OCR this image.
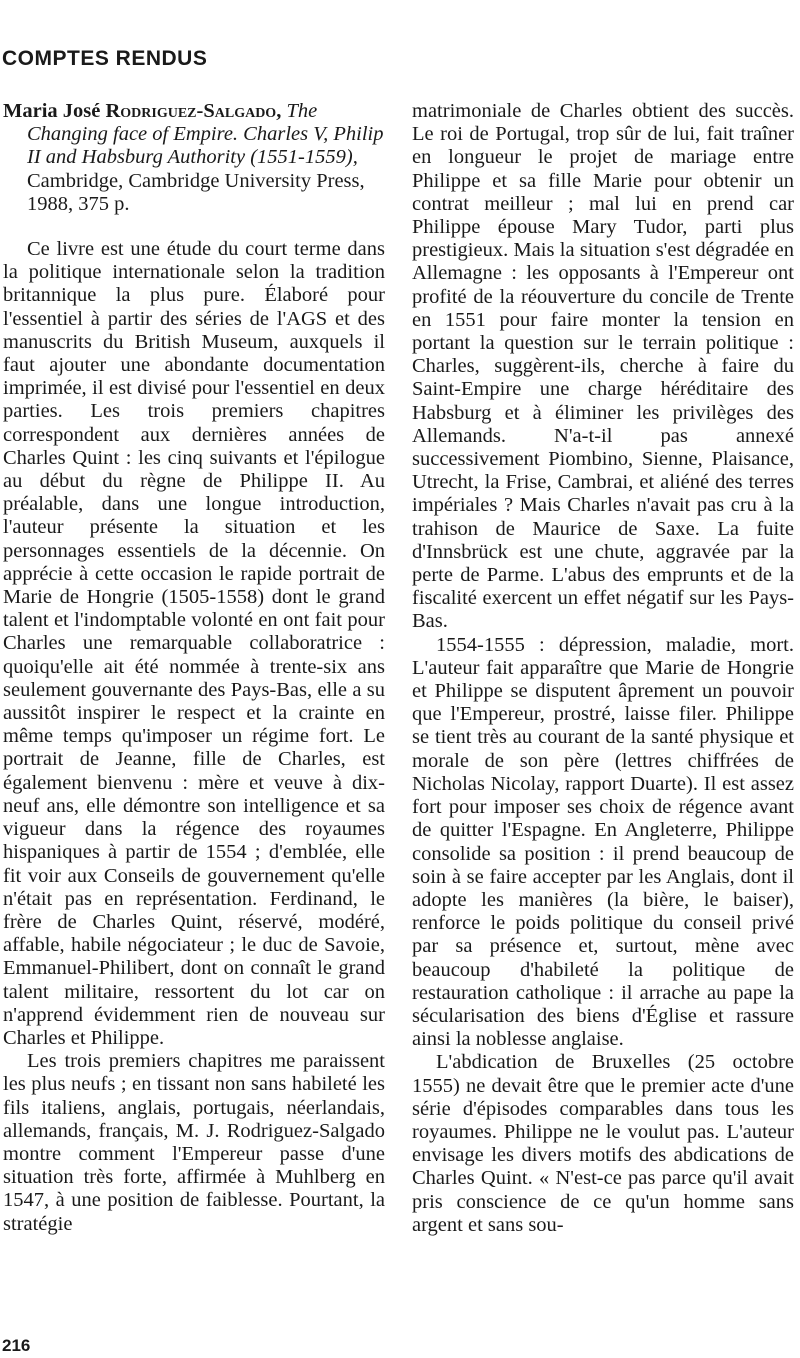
COMPTES RENDUS

Maria José Rodriguez-Salgado, The Changing face of Empire. Charles V, Philip II and Habsburg Authority (1551-1559), Cambridge, Cambridge University Press, 1988, 375 p.

Ce livre est une étude du court terme dans la politique internationale selon la tradition britannique la plus pure. Élaboré pour l'essentiel à partir des séries de l'AGS et des manuscrits du British Museum, auxquels il faut ajouter une abondante documentation imprimée, il est divisé pour l'essentiel en deux parties. Les trois premiers chapitres correspondent aux dernières années de Charles Quint : les cinq suivants et l'épilogue au début du règne de Philippe II. Au préalable, dans une longue introduction, l'auteur présente la situation et les personnages essentiels de la décennie. On apprécie à cette occasion le rapide portrait de Marie de Hongrie (1505-1558) dont le grand talent et l'indomptable volonté en ont fait pour Charles une remarquable collaboratrice : quoiqu'elle ait été nommée à trente-six ans seulement gouvernante des Pays-Bas, elle a su aussitôt inspirer le respect et la crainte en même temps qu'imposer un régime fort. Le portrait de Jeanne, fille de Charles, est également bienvenu : mère et veuve à dix-neuf ans, elle démontre son intelligence et sa vigueur dans la régence des royaumes hispaniques à partir de 1554 ; d'emblée, elle fit voir aux Conseils de gouvernement qu'elle n'était pas en représentation. Ferdinand, le frère de Charles Quint, réservé, modéré, affable, habile négociateur ; le duc de Savoie, Emmanuel-Philibert, dont on connaît le grand talent militaire, ressortent du lot car on n'apprend évidemment rien de nouveau sur Charles et Philippe.

Les trois premiers chapitres me paraissent les plus neufs ; en tissant non sans habileté les fils italiens, anglais, portugais, néerlandais, allemands, français, M. J. Rodriguez-Salgado montre comment l'Empereur passe d'une situation très forte, affirmée à Muhlberg en 1547, à une position de faiblesse. Pourtant, la stratégie

matrimoniale de Charles obtient des succès. Le roi de Portugal, trop sûr de lui, fait traîner en longueur le projet de mariage entre Philippe et sa fille Marie pour obtenir un contrat meilleur ; mal lui en prend car Philippe épouse Mary Tudor, parti plus prestigieux. Mais la situation s'est dégradée en Allemagne : les opposants à l'Empereur ont profité de la réouverture du concile de Trente en 1551 pour faire monter la tension en portant la question sur le terrain politique : Charles, suggèrent-ils, cherche à faire du Saint-Empire une charge héréditaire des Habsburg et à éliminer les privilèges des Allemands. N'a-t-il pas annexé successivement Piombino, Sienne, Plaisance, Utrecht, la Frise, Cambrai, et aliéné des terres impériales ? Mais Charles n'avait pas cru à la trahison de Maurice de Saxe. La fuite d'Innsbrück est une chute, aggravée par la perte de Parme. L'abus des emprunts et de la fiscalité exercent un effet négatif sur les Pays-Bas.

1554-1555 : dépression, maladie, mort. L'auteur fait apparaître que Marie de Hongrie et Philippe se disputent âprement un pouvoir que l'Empereur, prostré, laisse filer. Philippe se tient très au courant de la santé physique et morale de son père (lettres chiffrées de Nicholas Nicolay, rapport Duarte). Il est assez fort pour imposer ses choix de régence avant de quitter l'Espagne. En Angleterre, Philippe consolide sa position : il prend beaucoup de soin à se faire accepter par les Anglais, dont il adopte les manières (la bière, le baiser), renforce le poids politique du conseil privé par sa présence et, surtout, mène avec beaucoup d'habileté la politique de restauration catholique : il arrache au pape la sécularisation des biens d'Église et rassure ainsi la noblesse anglaise.

L'abdication de Bruxelles (25 octobre 1555) ne devait être que le premier acte d'une série d'épisodes comparables dans tous les royaumes. Philippe ne le voulut pas. L'auteur envisage les divers motifs des abdications de Charles Quint. « N'est-ce pas parce qu'il avait pris conscience de ce qu'un homme sans argent et sans sou-

216
